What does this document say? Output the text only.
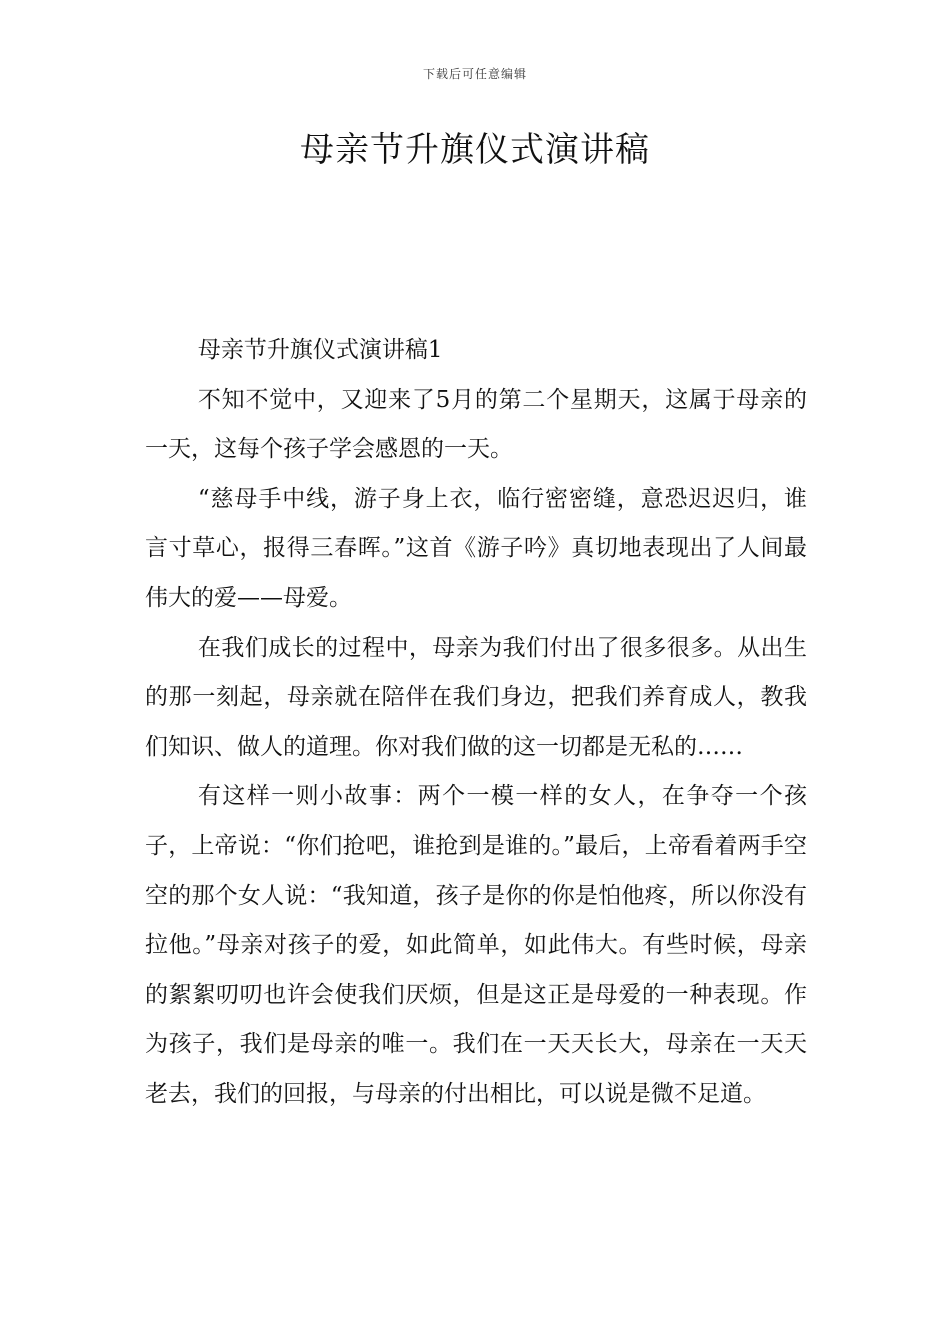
下载后可任意编辑
母亲节升旗仪式演讲稿

母亲节升旗仪式演讲稿1

不知不觉中，又迎来了5月的第二个星期天，这属于母亲的一天，这每个孩子学会感恩的一天。

“慈母手中线，游子身上衣，临行密密缝，意恐迟迟归，谁言寸草心，报得三春晖。”这首《游子吟》真切地表现出了人间最伟大的爱——母爱。

在我们成长的过程中，母亲为我们付出了很多很多。从出生的那一刻起，母亲就在陪伴在我们身边，把我们养育成人，教我们知识、做人的道理。你对我们做的这一切都是无私的……

有这样一则小故事：两个一模一样的女人，在争夺一个孩子，上帝说：“你们抢吧，谁抢到是谁的。”最后，上帝看着两手空空的那个女人说：“我知道，孩子是你的你是怕他疼，所以你没有拉他。”母亲对孩子的爱，如此简单，如此伟大。有些时候，母亲的絮絮叨叨也许会使我们厌烦，但是这正是母爱的一种表现。作为孩子，我们是母亲的唯一。我们在一天天长大，母亲在一天天老去，我们的回报，与母亲的付出相比，可以说是微不足道。
